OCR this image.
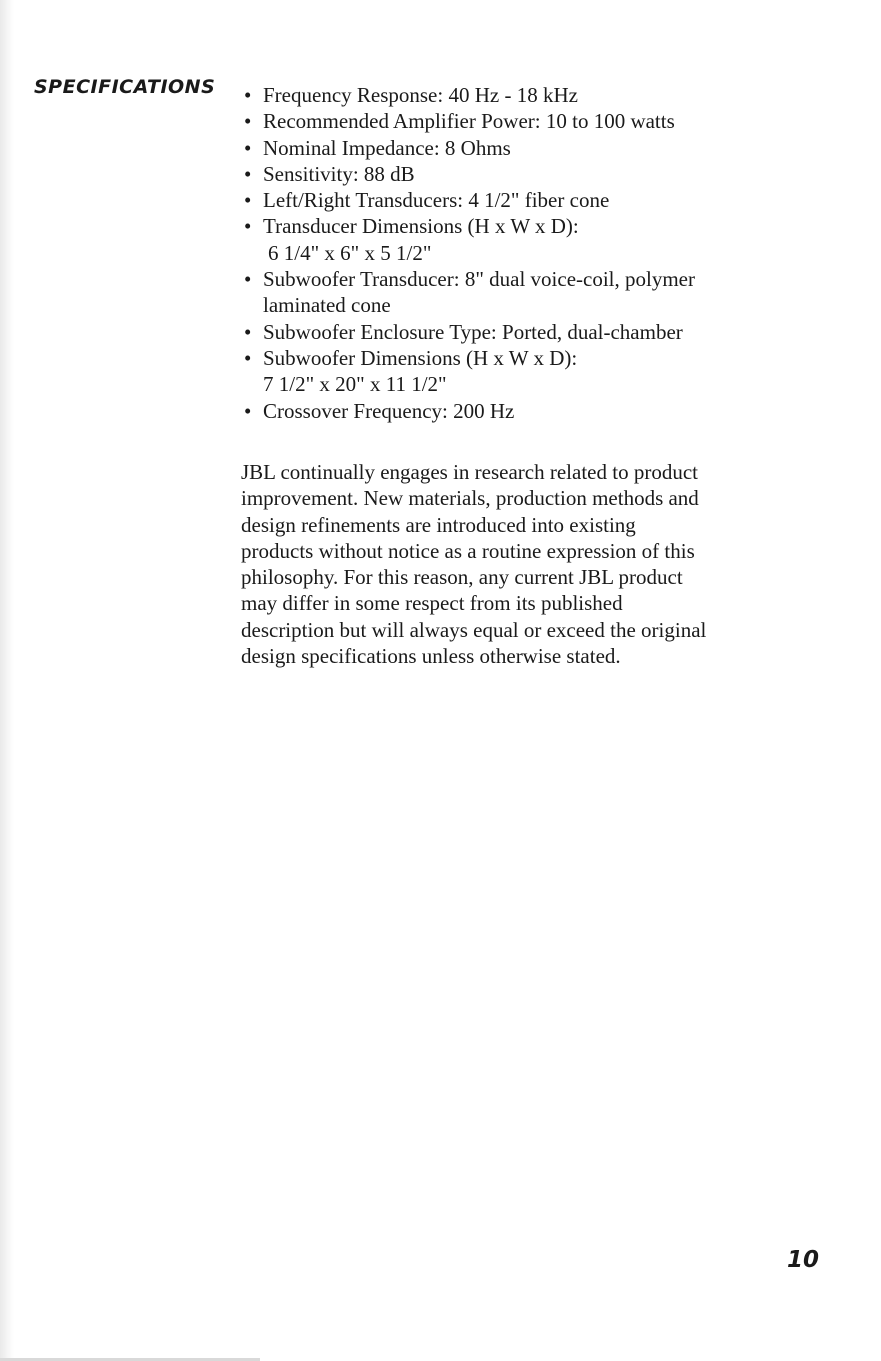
SPECIFICATIONS • Frequency Response: 40 Hz - 18 kHz
• Recommended Amplifier Power: 10 to 100 watts
• Nominal Impedance: 8 Ohms
• Sensitivity: 88 dB
• Left/Right Transducers: 4 1/2" fiber cone
• Transducer Dimensions (H x W x D):
6 1/4" x 6" x 5 1/2"
• Subwoofer Transducer: 8" dual voice-coil, polymer
laminated cone
• Subwoofer Enclosure Type: Ported, dual-chamber
• Subwoofer Dimensions (H x W x D):
7 1/2" x 20" x 11 1/2"
• Crossover Frequency: 200 Hz

JBL continually engages in research related to product
improvement. New materials, production methods and
design refinements are introduced into existing
products without notice as a routine expression of this
philosophy. For this reason, any current JBL product
may differ in some respect from its published
description but will always equal or exceed the original
design specifications unless otherwise stated.

10
